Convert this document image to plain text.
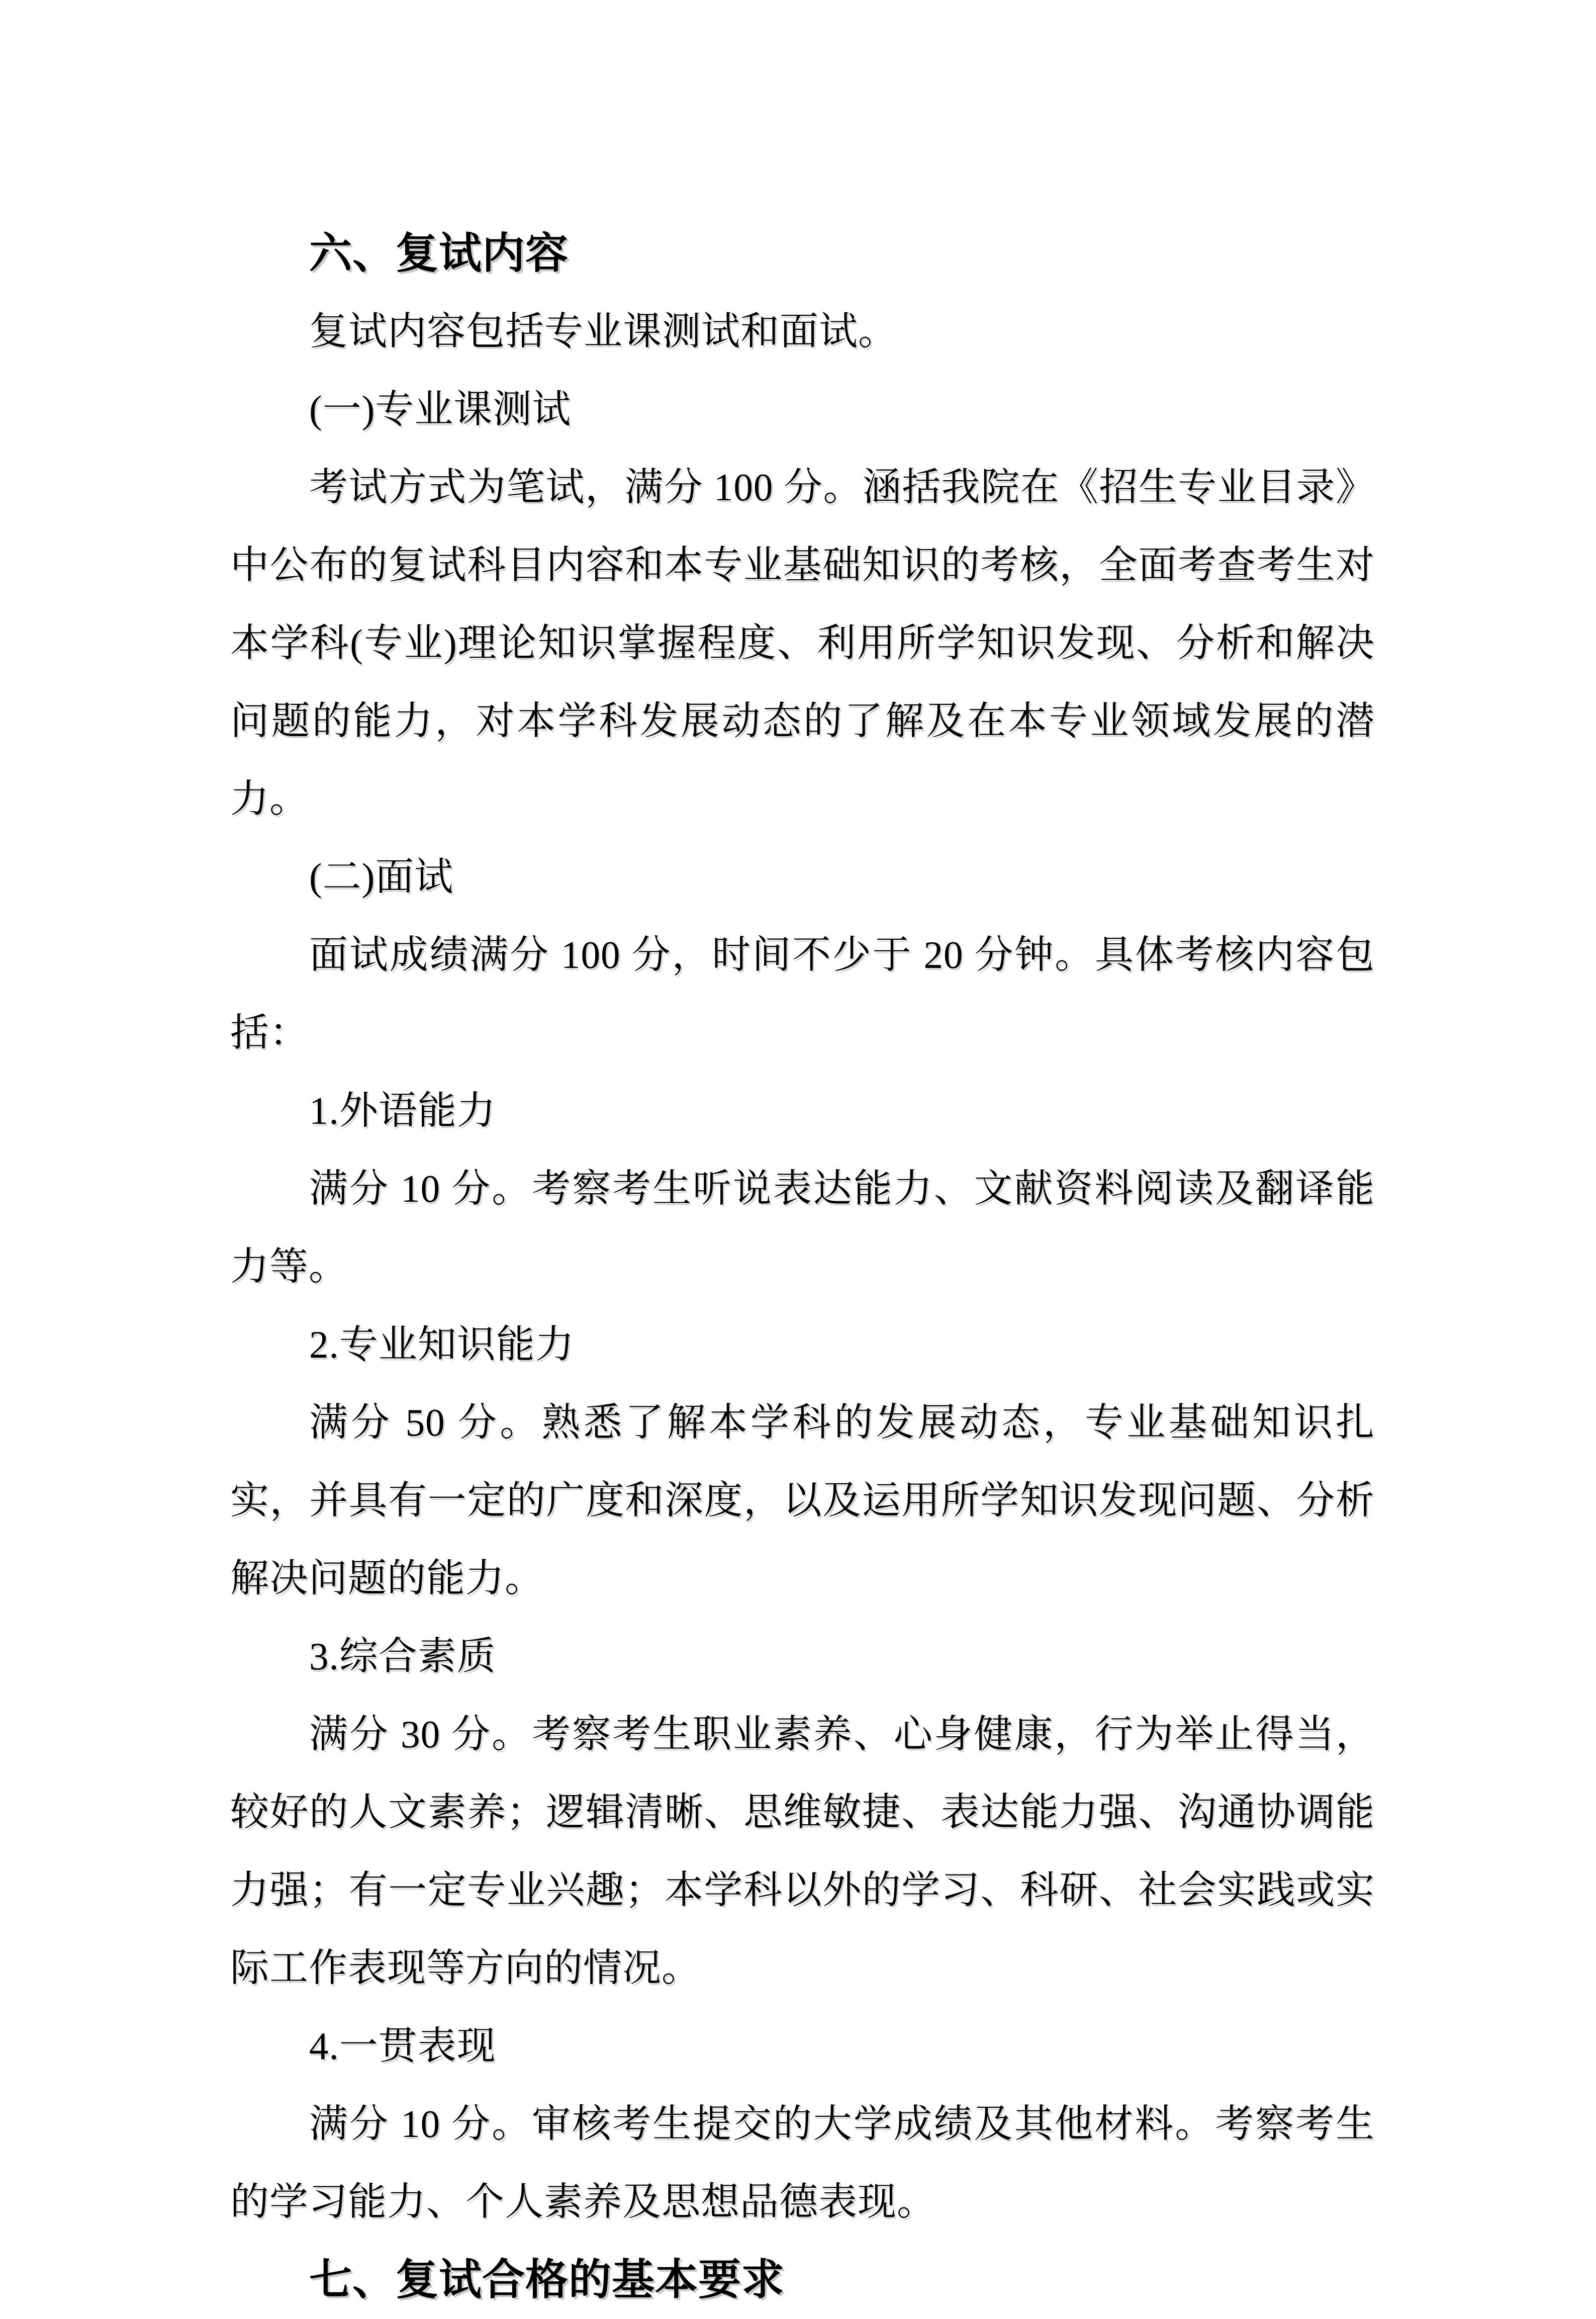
六、复试内容

复试内容包括专业课测试和面试。

(一)专业课测试

考试方式为笔试，满分 100 分。涵括我院在《招生专业目录》中公布的复试科目内容和本专业基础知识的考核，全面考查考生对本学科(专业)理论知识掌握程度、利用所学知识发现、分析和解决问题的能力，对本学科发展动态的了解及在本专业领域发展的潜力。

(二)面试

面试成绩满分 100 分，时间不少于 20 分钟。具体考核内容包括：

1.外语能力

满分 10 分。考察考生听说表达能力、文献资料阅读及翻译能力等。

2.专业知识能力

满分 50 分。熟悉了解本学科的发展动态，专业基础知识扎实，并具有一定的广度和深度，以及运用所学知识发现问题、分析解决问题的能力。

3.综合素质

满分 30 分。考察考生职业素养、心身健康，行为举止得当，较好的人文素养；逻辑清晰、思维敏捷、表达能力强、沟通协调能力强；有一定专业兴趣；本学科以外的学习、科研、社会实践或实际工作表现等方向的情况。

4.一贯表现

满分 10 分。审核考生提交的大学成绩及其他材料。考察考生的学习能力、个人素养及思想品德表现。

七、复试合格的基本要求
